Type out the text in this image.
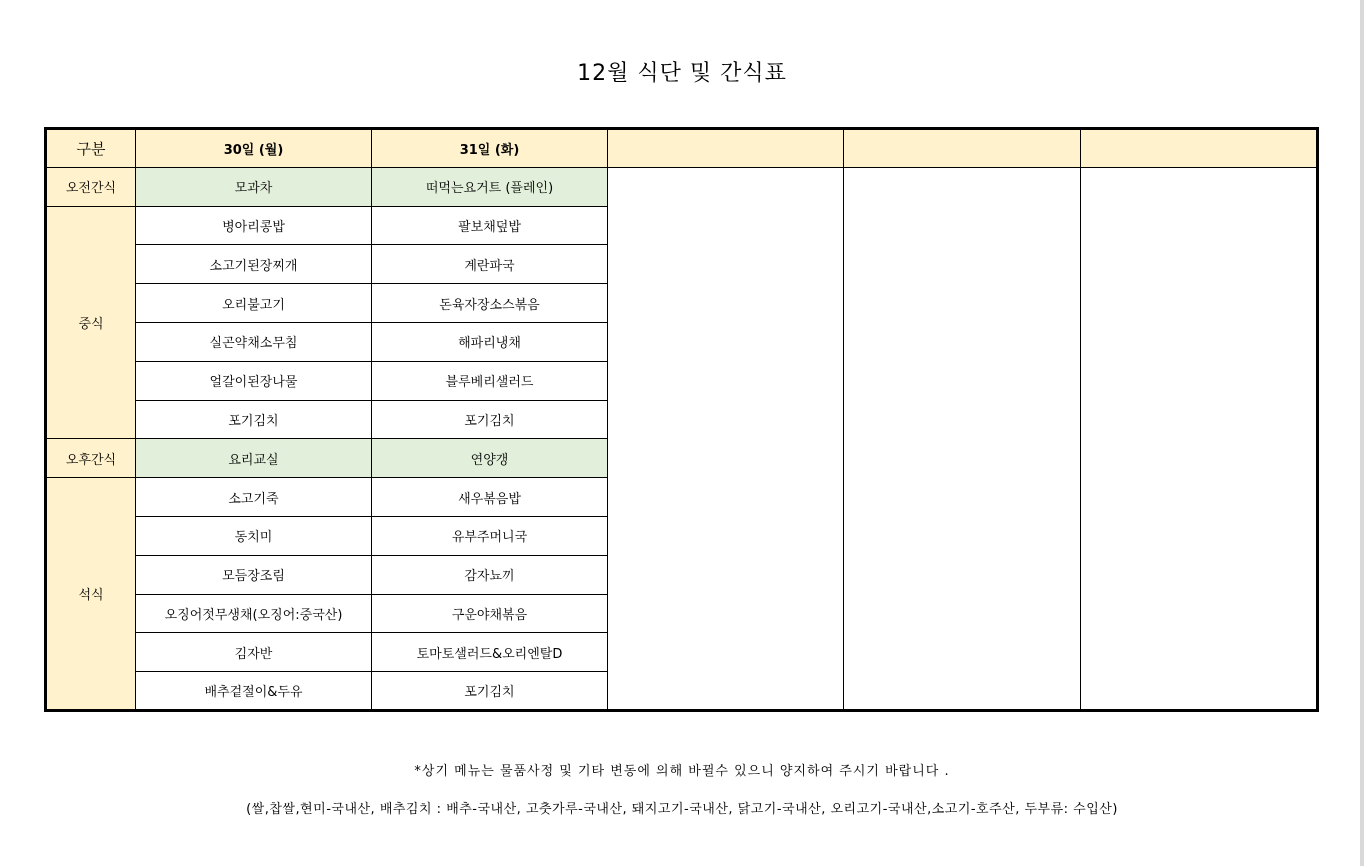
12월 식단 및 간식표
구분	30일 (월)	31일 (화)			
오전간식	모과차	떠먹는요거트 (플레인)			
중식	병아리콩밥	팔보채덮밥			
	소고기된장찌개	계란파국			
	오리불고기	돈육자장소스볶음			
	실곤약채소무침	해파리냉채			
	얼갈이된장나물	블루베리샐러드			
	포기김치	포기김치			
오후간식	요리교실	연양갱			
석식	소고기죽	새우볶음밥			
	동치미	유부주머니국			
	모듬장조림	감자뇨끼			
	오징어젓무생채(오징어:중국산)	구운야채볶음			
	김자반	토마토샐러드&오리엔탈D			
	배추겉절이&두유	포기김치			
*상기 메뉴는 물품사정 및 기타 변동에 의해 바뀔수 있으니 양지하여 주시기 바랍니다 .
(쌀,찹쌀,현미-국내산, 배추김치 : 배추-국내산, 고춧가루-국내산, 돼지고기-국내산, 닭고기-국내산, 오리고기-국내산,소고기-호주산, 두부류: 수입산)
